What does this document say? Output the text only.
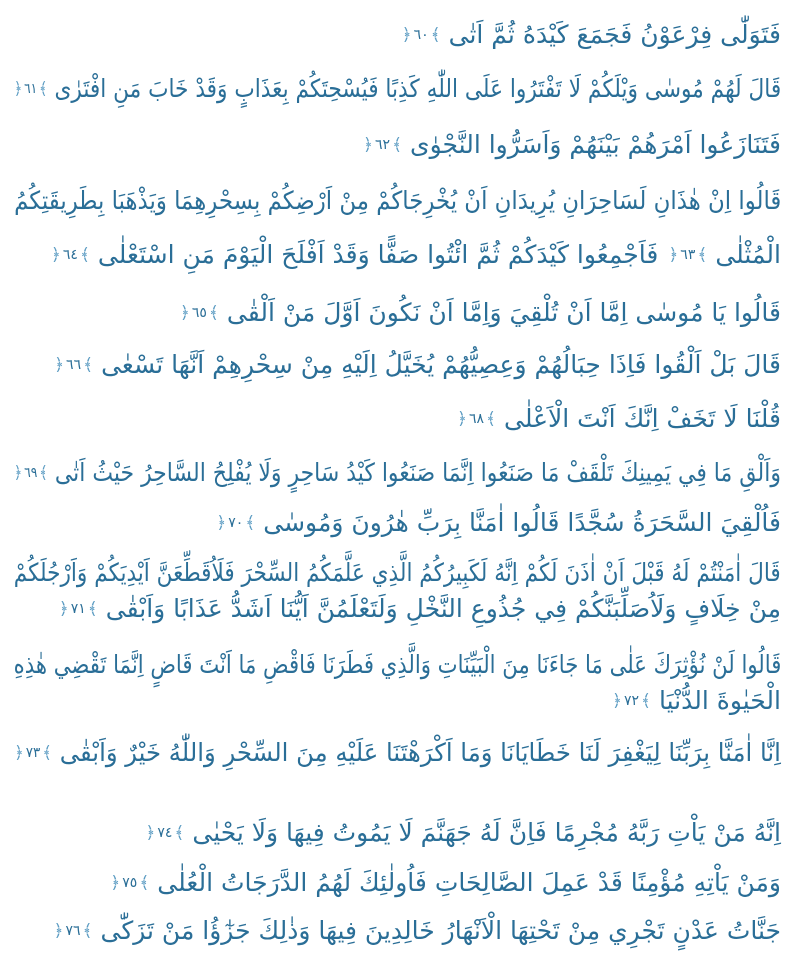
فَتَوَلّٰى فِرْعَوْنُ فَجَمَعَ كَيْدَهُ ثُمَّ اَتٰى
﴾
٦٠
﴿
قَالَ لَهُمْ مُوسٰى وَيْلَكُمْ لَا تَفْتَرُوا عَلَى اللّٰهِ كَذِبًا فَيُسْحِتَكُمْ بِعَذَابٍ وَقَدْ خَابَ مَنِ افْتَرٰى
﴾
٦١
﴿
فَتَنَازَعُوا اَمْرَهُمْ بَيْنَهُمْ وَاَسَرُّوا النَّجْوٰى
﴾
٦٢
﴿
قَالُوا اِنْ هٰذَانِ لَسَاحِرَانِ يُرِيدَانِ اَنْ يُخْرِجَاكُمْ مِنْ اَرْضِكُمْ بِسِحْرِهِمَا وَيَذْهَبَا بِطَرِيقَتِكُمُ
الْمُثْلٰى
﴾
٦٣
﴿
فَاَجْمِعُوا كَيْدَكُمْ ثُمَّ ائْتُوا صَفًّا وَقَدْ اَفْلَحَ الْيَوْمَ مَنِ اسْتَعْلٰى
﴾
٦٤
﴿
قَالُوا يَا مُوسٰى اِمَّا اَنْ تُلْقِيَ وَاِمَّا اَنْ نَكُونَ اَوَّلَ مَنْ اَلْقٰى
﴾
٦٥
﴿
قَالَ بَلْ اَلْقُوا فَاِذَا حِبَالُهُمْ وَعِصِيُّهُمْ يُخَيَّلُ اِلَيْهِ مِنْ سِحْرِهِمْ اَنَّهَا تَسْعٰى
﴾
٦٦
﴿
قُلْنَا لَا تَخَفْ اِنَّكَ اَنْتَ الْاَعْلٰى
﴾
٦٨
﴿
وَاَلْقِ مَا فِي يَمِينِكَ تَلْقَفْ مَا صَنَعُوا اِنَّمَا صَنَعُوا كَيْدُ سَاحِرٍ وَلَا يُفْلِحُ السَّاحِرُ حَيْثُ اَتٰى
﴾
٦٩
﴿
فَاُلْقِيَ السَّحَرَةُ سُجَّدًا قَالُوا اٰمَنَّا بِرَبِّ هٰرُونَ وَمُوسٰى
﴾
٧٠
﴿
قَالَ اٰمَنْتُمْ لَهُ قَبْلَ اَنْ اٰذَنَ لَكُمْ اِنَّهُ لَكَبِيرُكُمُ الَّذِي عَلَّمَكُمُ السِّحْرَ فَلَاُقَطِّعَنَّ اَيْدِيَكُمْ وَاَرْجُلَكُمْ
مِنْ خِلَافٍ وَلَاُصَلِّبَنَّكُمْ فِي جُذُوعِ النَّخْلِ وَلَتَعْلَمُنَّ اَيُّنَا اَشَدُّ عَذَابًا وَاَبْقٰى
﴾
٧١
﴿
قَالُوا لَنْ نُؤْثِرَكَ عَلٰى مَا جَاءَنَا مِنَ الْبَيِّنَاتِ وَالَّذِي فَطَرَنَا فَاقْضِ مَا اَنْتَ قَاضٍ اِنَّمَا تَقْضِي هٰذِهِ
الْحَيٰوةَ الدُّنْيَا
﴾
٧٢
﴿
اِنَّا اٰمَنَّا بِرَبِّنَا لِيَغْفِرَ لَنَا خَطَايَانَا وَمَا اَكْرَهْتَنَا عَلَيْهِ مِنَ السِّحْرِ وَاللّٰهُ خَيْرٌ وَاَبْقٰى
﴾
٧٣
﴿
اِنَّهُ مَنْ يَاْتِ رَبَّهُ مُجْرِمًا فَاِنَّ لَهُ جَهَنَّمَ لَا يَمُوتُ فِيهَا وَلَا يَحْيٰى
﴾
٧٤
﴿
وَمَنْ يَاْتِهِ مُؤْمِنًا قَدْ عَمِلَ الصَّالِحَاتِ فَاُولٰئِكَ لَهُمُ الدَّرَجَاتُ الْعُلٰى
﴾
٧٥
﴿
جَنَّاتُ عَدْنٍ تَجْرِي مِنْ تَحْتِهَا الْاَنْهَارُ خَالِدِينَ فِيهَا وَذٰلِكَ جَزٰٓؤُا مَنْ تَزَكّٰى
﴾
٧٦
﴿
